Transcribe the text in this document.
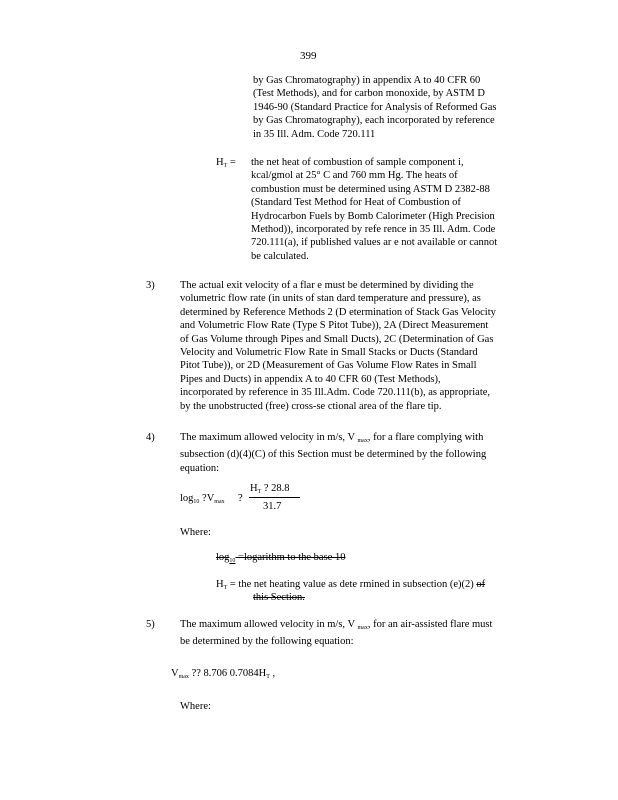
399
by Gas Chromatography) in appendix A to 40 CFR 60
(Test Methods), and for carbon monoxide, by ASTM D
1946-90 (Standard Practice for Analysis of Reformed Gas
by Gas Chromatography), each incorporated by reference
in 35 Ill. Adm. Code 720.111
$H_T$ = the net heat of combustion of sample component i,
kcal/gmol at 25° C and 760 mm Hg. The heats of
combustion must be determined using ASTM D 2382-88
(Standard Test Method for Heat of Combustion of
Hydrocarbon Fuels by Bomb Calorimeter (High Precision
Method)), incorporated by refe rence in 35 Ill. Adm. Code
720.111(a), if published values ar e not available or cannot
be calculated.
3) The actual exit velocity of a flar e must be determined by dividing the
volumetric flow rate (in units of stan dard temperature and pressure), as
determined by Reference Methods 2 (D etermination of Stack Gas Velocity
and Volumetric Flow Rate (Type S Pitot Tube)), 2A (Direct Measurement
of Gas Volume through Pipes and Small Ducts), 2C (Determination of Gas
Velocity and Volumetric Flow Rate in Small Stacks or Ducts (Standard
Pitot Tube)), or 2D (Measurement of Gas Volume Flow Rates in Small
Pipes and Ducts) in appendix A to 40 CFR 60 (Test Methods),
incorporated by reference in 35 Ill.Adm. Code 720.111(b), as appropriate,
by the unobstructed (free) cross-se ctional area of the flare tip.
4) The maximum allowed velocity in m/s, V $_{max}$, for a flare complying with
subsection (d)(4)(C) of this Section must be determined by the following
equation:
$\log_{10}$ $?V_{max}$ ?
$H_T$ ? 28.8
31.7
Where:
$\log_{10}$ =logarithm to the base 10
$H_T$ = the net heating value as dete rmined in subsection (e)(2) of
this Section.
5) The maximum allowed velocity in m/s, V $_{max}$, for an air-assisted flare must
be determined by the following equation:
$V_{max}$ ?? 8.706 $0.7084H_T$ ,
Where:
